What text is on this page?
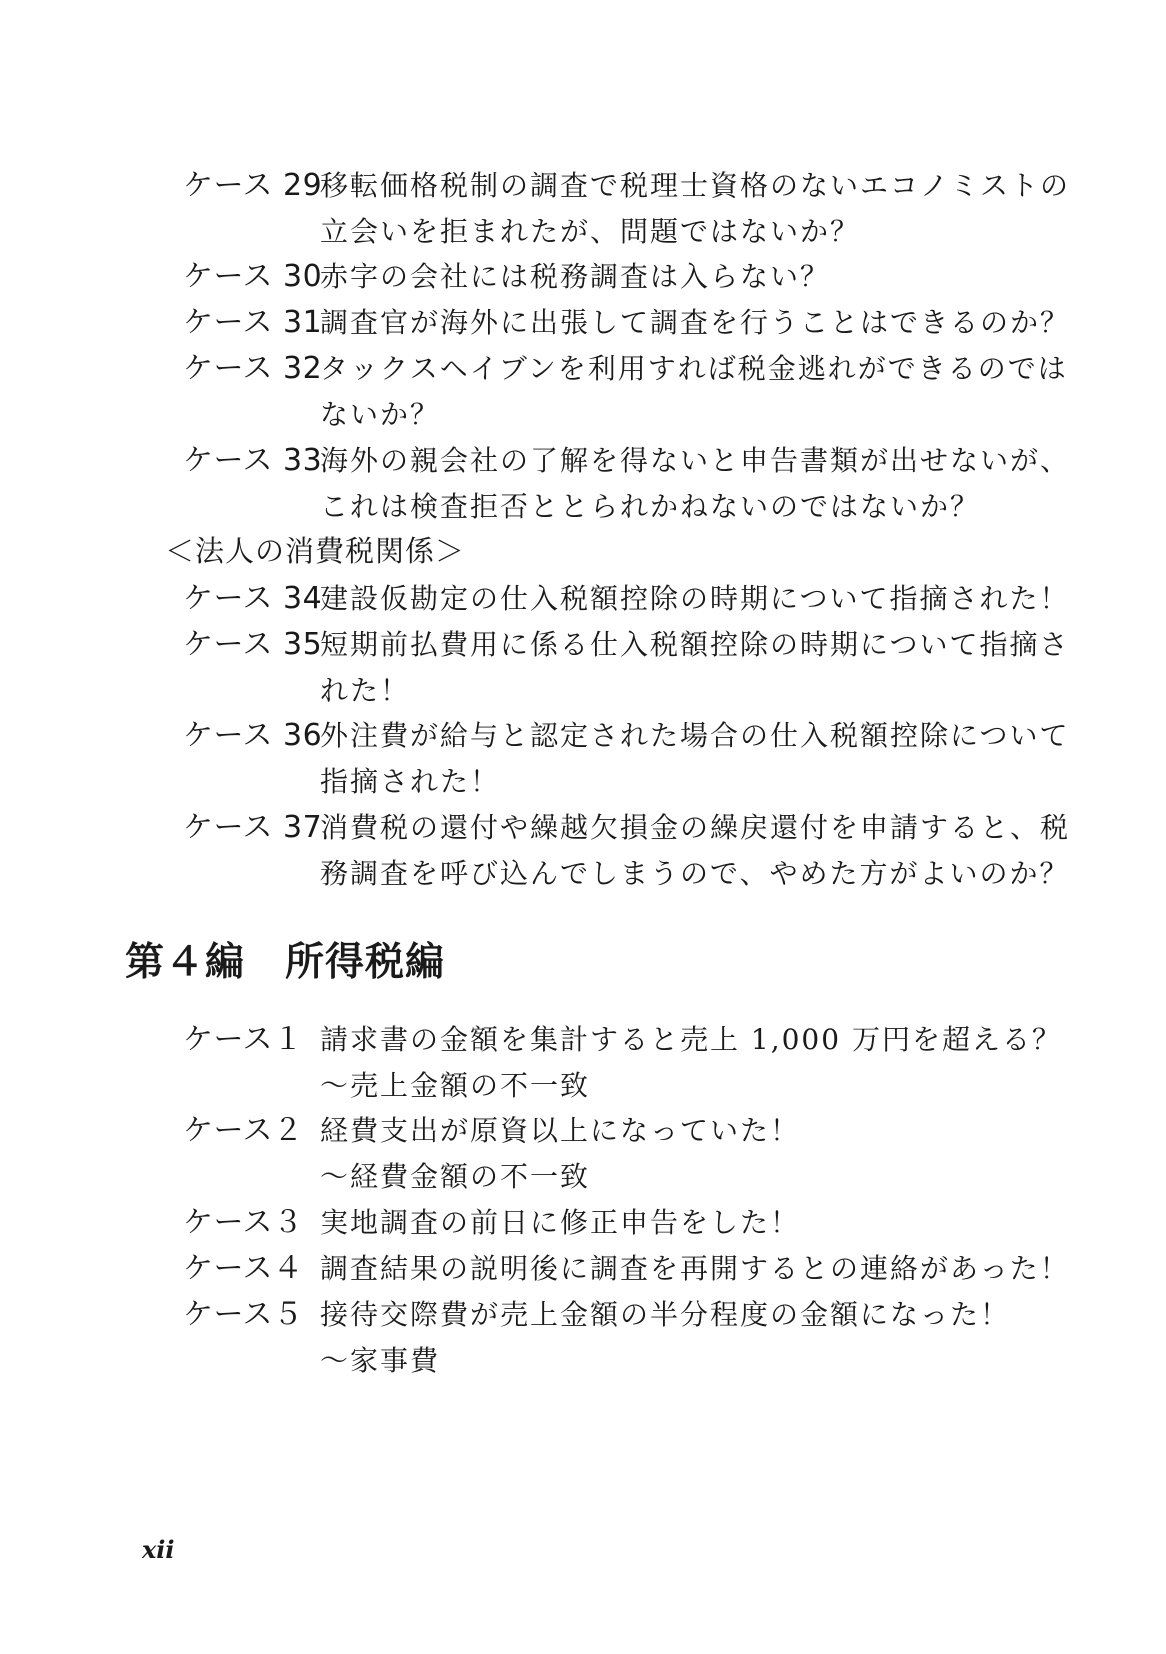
ケース 29
移転価格税制の調査で税理士資格のないエコノミストの
立会いを拒まれたが、問題ではないか？
ケース 30
赤字の会社には税務調査は入らない？
ケース 31
調査官が海外に出張して調査を行うことはできるのか？
ケース 32
タックスヘイブンを利用すれば税金逃れができるのでは
ないか？
ケース 33
海外の親会社の了解を得ないと申告書類が出せないが、
これは検査拒否ととられかねないのではないか？
＜法人の消費税関係＞
ケース 34
建設仮勘定の仕入税額控除の時期について指摘された！
ケース 35
短期前払費用に係る仕入税額控除の時期について指摘さ
れた！
ケース 36
外注費が給与と認定された場合の仕入税額控除について
指摘された！
ケース 37
消費税の還付や繰越欠損金の繰戻還付を申請すると、税
務調査を呼び込んでしまうので、やめた方がよいのか？
第４編　所得税編
ケース１ 請求書の金額を集計すると売上 1,000 万円を超える？
～売上金額の不一致
ケース２ 経費支出が原資以上になっていた！
～経費金額の不一致
ケース３ 実地調査の前日に修正申告をした！
ケース４ 調査結果の説明後に調査を再開するとの連絡があった！
ケース５ 接待交際費が売上金額の半分程度の金額になった！
～家事費
xii
